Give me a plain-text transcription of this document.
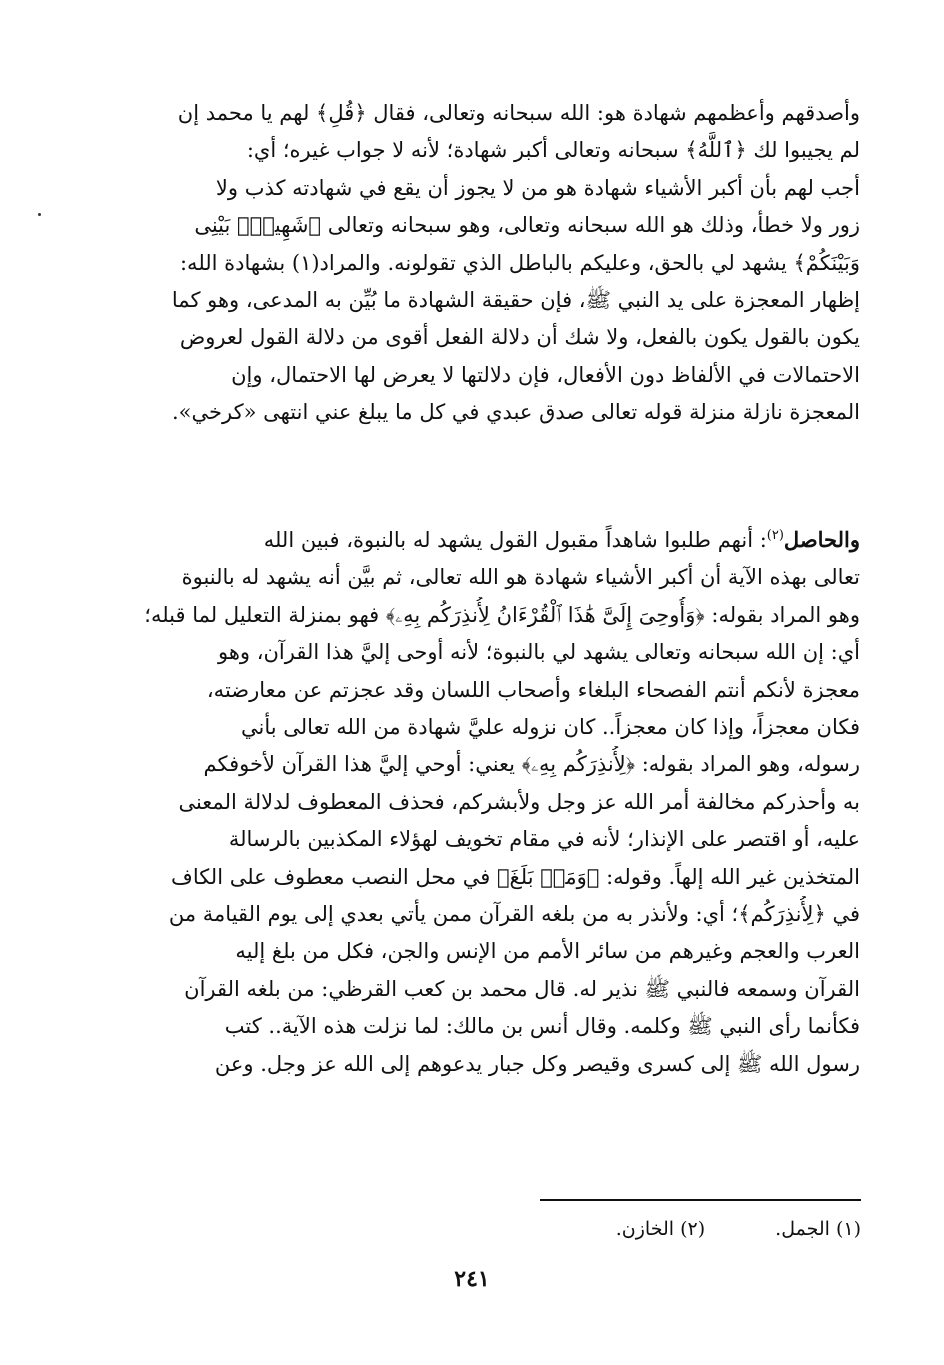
وأصدقهم وأعظمهم شهادة هو: الله سبحانه وتعالى، فقال ﴿قُلِ﴾ لهم يا محمد إن
لم يجيبوا لك ﴿ٱللَّهُ﴾ سبحانه وتعالى أكبر شهادة؛ لأنه لا جواب غيره؛ أي:
أجب لهم بأن أكبر الأشياء شهادة هو من لا يجوز أن يقع في شهادته كذب ولا
زور ولا خطأ، وذلك هو الله سبحانه وتعالى، وهو سبحانه وتعالى ﴿شَهِيدٌۢ بَيْنِى
وَبَيْنَكُمْ﴾ يشهد لي بالحق، وعليكم بالباطل الذي تقولونه. والمراد(١) بشهادة الله:
إظهار المعجزة على يد النبي ﷺ، فإن حقيقة الشهادة ما بُيِّن به المدعى، وهو كما
يكون بالقول يكون بالفعل، ولا شك أن دلالة الفعل أقوى من دلالة القول لعروض
الاحتمالات في الألفاظ دون الأفعال، فإن دلالتها لا يعرض لها الاحتمال، وإن
المعجزة نازلة منزلة قوله تعالى صدق عبدي في كل ما يبلغ عني انتهى «كرخي».
والحاصل$^{(٢)}$: أنهم طلبوا شاهداً مقبول القول يشهد له بالنبوة، فبين الله
تعالى بهذه الآية أن أكبر الأشياء شهادة هو الله تعالى، ثم بيَّن أنه يشهد له بالنبوة
وهو المراد بقوله: ﴿وَأُوحِىَ إِلَىَّ هَٰذَا ٱلْقُرْءَانُ لِأُنذِرَكُم بِهِۦ﴾ فهو بمنزلة التعليل لما قبله؛
أي: إن الله سبحانه وتعالى يشهد لي بالنبوة؛ لأنه أوحى إليَّ هذا القرآن، وهو
معجزة لأنكم أنتم الفصحاء البلغاء وأصحاب اللسان وقد عجزتم عن معارضته،
فكان معجزاً، وإذا كان معجزاً.. كان نزوله عليَّ شهادة من الله تعالى بأني
رسوله، وهو المراد بقوله: ﴿لِأُنذِرَكُم بِهِۦ﴾ يعني: أوحي إليَّ هذا القرآن لأخوفكم
به وأحذركم مخالفة أمر الله عز وجل ولأبشركم، فحذف المعطوف لدلالة المعنى
عليه، أو اقتصر على الإنذار؛ لأنه في مقام تخويف لهؤلاء المكذبين بالرسالة
المتخذين غير الله إلهاً. وقوله: ﴿وَمَنۢ بَلَغَ﴾ في محل النصب معطوف على الكاف
في ﴿لِأُنذِرَكُم﴾؛ أي: ولأنذر به من بلغه القرآن ممن يأتي بعدي إلى يوم القيامة من
العرب والعجم وغيرهم من سائر الأمم من الإنس والجن، فكل من بلغ إليه
القرآن وسمعه فالنبي ﷺ نذير له. قال محمد بن كعب القرظي: من بلغه القرآن
فكأنما رأى النبي ﷺ وكلمه. وقال أنس بن مالك: لما نزلت هذه الآية.. كتب
رسول الله ﷺ إلى كسرى وقيصر وكل جبار يدعوهم إلى الله عز وجل. وعن
(١) الجمل.
(٢) الخازن.
٢٤١
